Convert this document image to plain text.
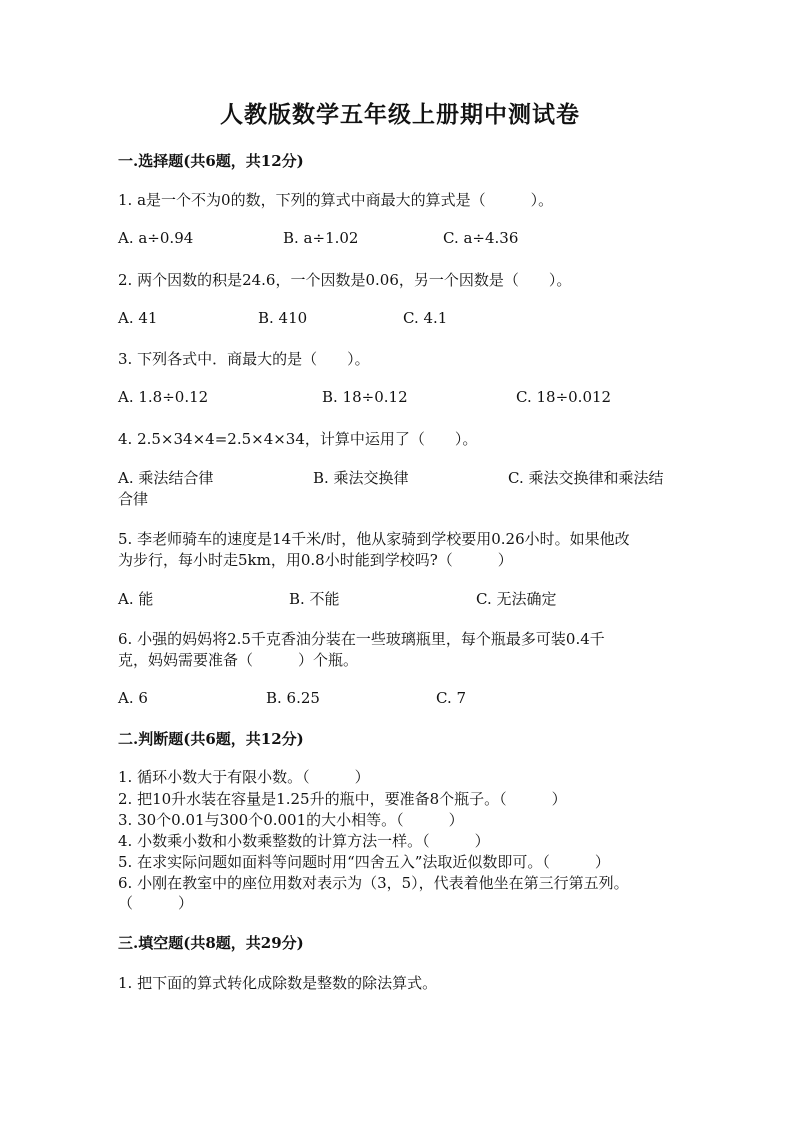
人教版数学五年级上册期中测试卷
一.选择题(共6题，共12分)
1. a是一个不为0的数，下列的算式中商最大的算式是（　　　）。
A. a÷0.94	B. a÷1.02	C. a÷4.36
2. 两个因数的积是24.6，一个因数是0.06，另一个因数是（　　）。
A. 41	B. 410	C. 4.1
3. 下列各式中．商最大的是（　　）。
A. 1.8÷0.12	B. 18÷0.12	C. 18÷0.012
4. 2.5×34×4=2.5×4×34，计算中运用了（　　）。
A. 乘法结合律	B. 乘法交换律	C. 乘法交换律和乘法结
合律
5. 李老师骑车的速度是14千米/时，他从家骑到学校要用0.26小时。如果他改
为步行，每小时走5km，用0.8小时能到学校吗?（　　　）
A. 能	B. 不能	C. 无法确定
6. 小强的妈妈将2.5千克香油分装在一些玻璃瓶里，每个瓶最多可装0.4千
克，妈妈需要准备（　　　）个瓶。
A. 6	B. 6.25	C. 7
二.判断题(共6题，共12分)
1. 循环小数大于有限小数。（　　　）
2. 把10升水装在容量是1.25升的瓶中，要准备8个瓶子。（　　　）
3. 30个0.01与300个0.001的大小相等。（　　　）
4. 小数乘小数和小数乘整数的计算方法一样。（　　　）
5. 在求实际问题如面料等问题时用“四舍五入”法取近似数即可。（　　　）
6. 小刚在教室中的座位用数对表示为（3，5），代表着他坐在第三行第五列。
（　　　）
三.填空题(共8题，共29分)
1. 把下面的算式转化成除数是整数的除法算式。
